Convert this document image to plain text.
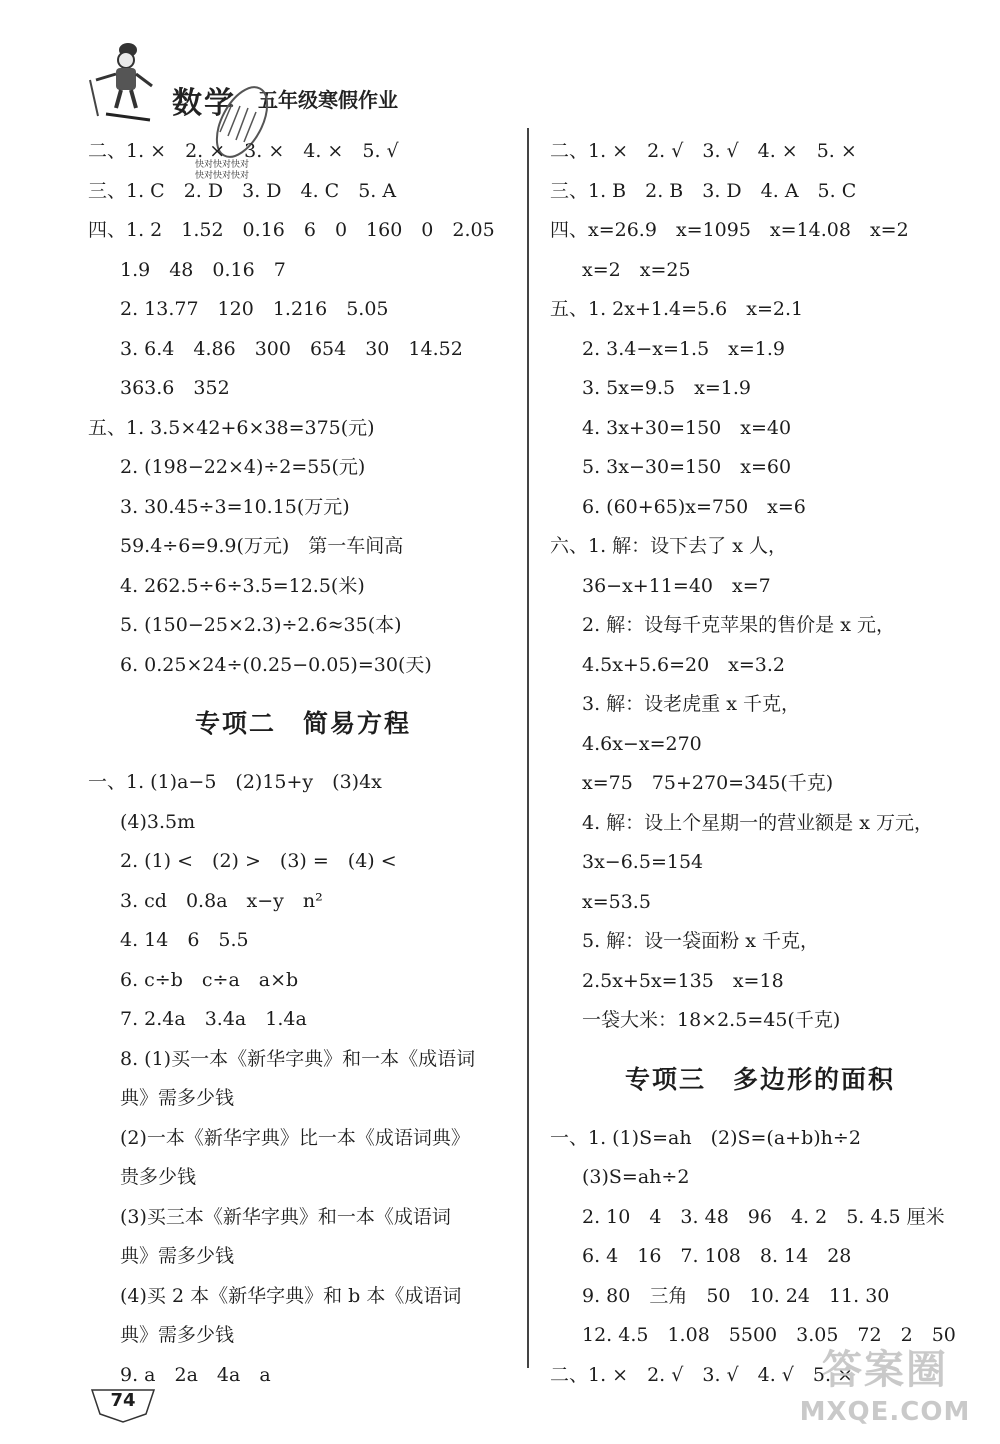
数学 五年级寒假作业
快对快对快对
快对快对快对
二、1. ×　2. ×　3. ×　4. ×　5. √
三、1. C　2. D　3. D　4. C　5. A
四、1. 2　1.52　0.16　6　0　160　0　2.05
1.9　48　0.16　7
2. 13.77　120　1.216　5.05
3. 6.4　4.86　300　654　30　14.52
363.6　352
五、1. 3.5×42+6×38=375(元)
2. (198−22×4)÷2=55(元)
3. 30.45÷3=10.15(万元)
59.4÷6=9.9(万元)　第一车间高
4. 262.5÷6÷3.5=12.5(米)
5. (150−25×2.3)÷2.6≈35(本)
6. 0.25×24÷(0.25−0.05)=30(天)
专项二　简易方程
一、1. (1)a−5　(2)15+y　(3)4x
(4)3.5m
2. (1) <　(2) >　(3) =　(4) <
3. cd　0.8a　x−y　n²
4. 14　6　5.5
6. c÷b　c÷a　a×b
7. 2.4a　3.4a　1.4a
8. (1)买一本《新华字典》和一本《成语词
典》需多少钱
(2)一本《新华字典》比一本《成语词典》
贵多少钱
(3)买三本《新华字典》和一本《成语词
典》需多少钱
(4)买 2 本《新华字典》和 b 本《成语词
典》需多少钱
9. a　2a　4a　a
二、1. ×　2. √　3. √　4. ×　5. ×
三、1. B　2. B　3. D　4. A　5. C
四、x=26.9　x=1095　x=14.08　x=2
x=2　x=25
五、1. 2x+1.4=5.6　x=2.1
2. 3.4−x=1.5　x=1.9
3. 5x=9.5　x=1.9
4. 3x+30=150　x=40
5. 3x−30=150　x=60
6. (60+65)x=750　x=6
六、1. 解：设下去了 x 人，
36−x+11=40　x=7
2. 解：设每千克苹果的售价是 x 元，
4.5x+5.6=20　x=3.2
3. 解：设老虎重 x 千克，
4.6x−x=270
x=75　75+270=345(千克)
4. 解：设上个星期一的营业额是 x 万元，
3x−6.5=154
x=53.5
5. 解：设一袋面粉 x 千克，
2.5x+5x=135　x=18
一袋大米：18×2.5=45(千克)
专项三　多边形的面积
一、1. (1)S=ah　(2)S=(a+b)h÷2
(3)S=ah÷2
2. 10　4　3. 48　96　4. 2　5. 4.5 厘米
6. 4　16　7. 108　8. 14　28
9. 80　三角　50　10. 24　11. 30
12. 4.5　1.08　5500　3.05　72　2　50
二、1. ×　2. √　3. √　4. √　5. ×
74
答案圈
MXQE.COM
